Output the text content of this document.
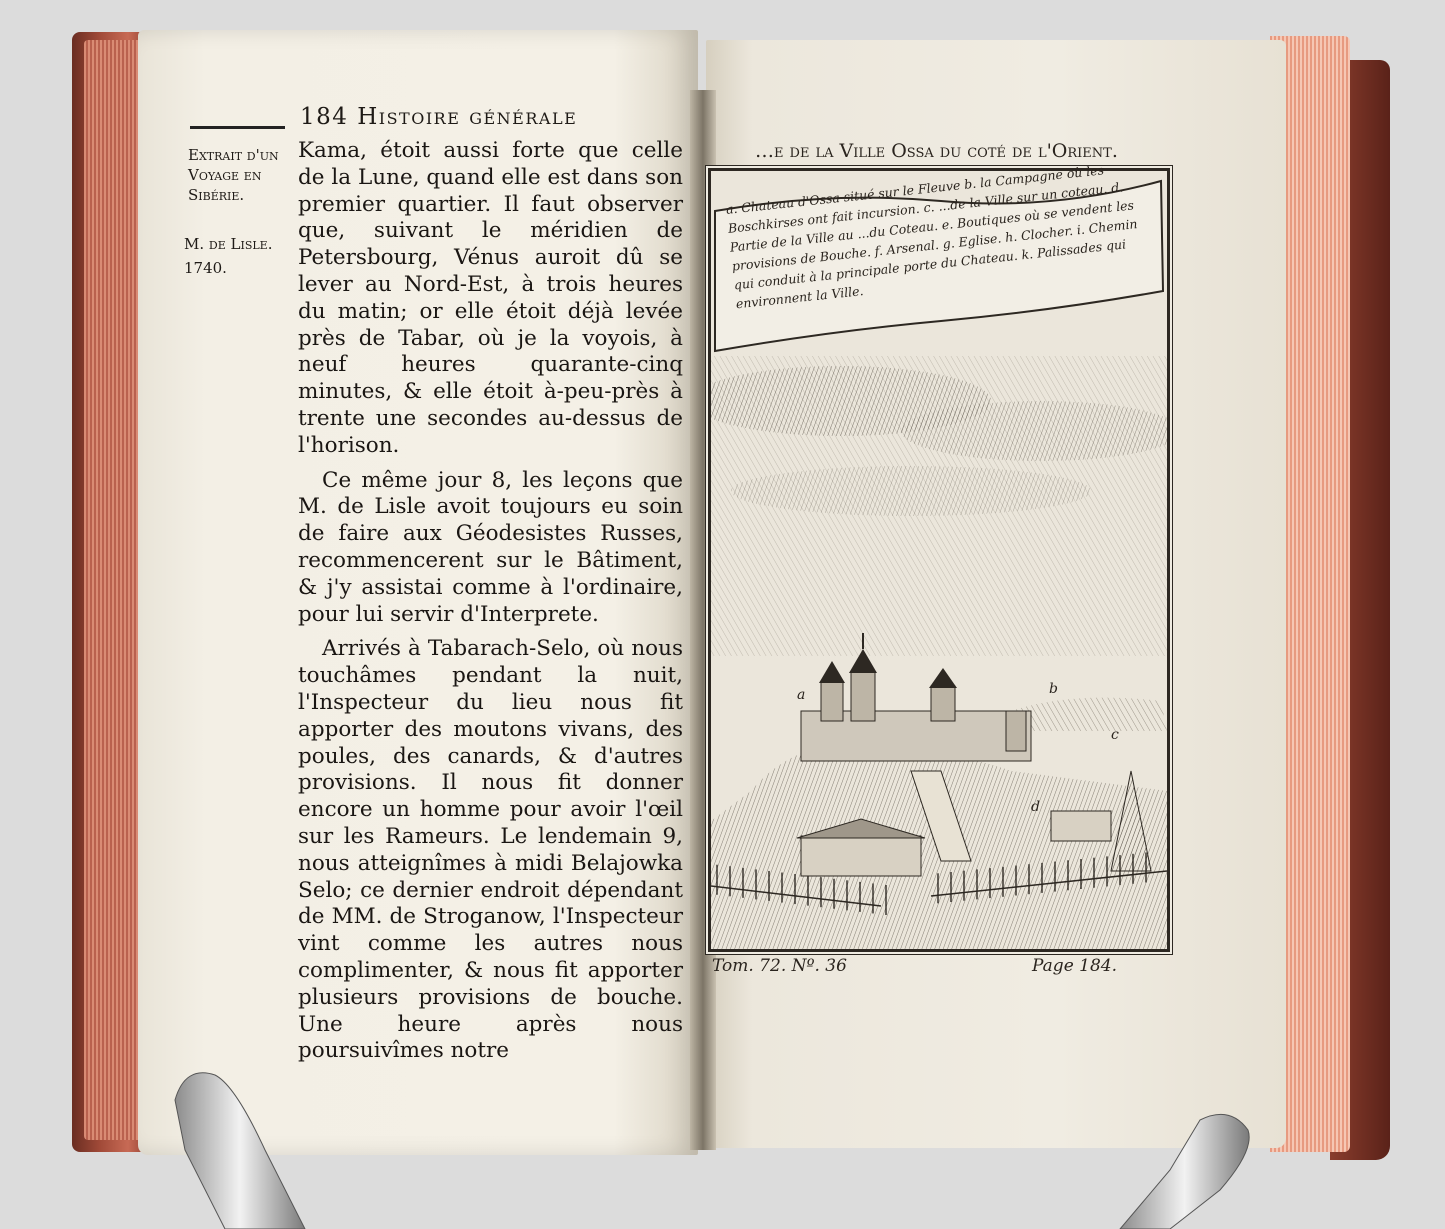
184 Histoire générale
Extrait d'un Voyage en Sibérie.
M. de Lisle.
1740.

Kama, étoit aussi forte que celle de la Lune, quand elle est dans son premier quartier. Il faut observer que, suivant le méridien de Petersbourg, Vénus auroit dû se lever au Nord-Est, à trois heures du matin; or elle étoit déjà levée près de Tabar, où je la voyois, à neuf heures quarante-cinq minutes, & elle étoit à-peu-près à trente une secondes au-dessus de l'horison.

Ce même jour 8, les leçons que M. de Lisle avoit toujours eu soin de faire aux Géodesistes Russes, recommencerent sur le Bâtiment, & j'y assistai comme à l'ordinaire, pour lui servir d'Interprete.

Arrivés à Tabarach-Selo, où nous touchâmes pendant la nuit, l'Inspecteur du lieu nous fit apporter des moutons vivans, des poules, des canards, & d'autres provisions. Il nous fit donner encore un homme pour avoir l'œil sur les Rameurs. Le lendemain 9, nous atteignîmes à midi Belajowka Selo; ce dernier endroit dépendant de MM. de Stroganow, l'Inspecteur vint comme les autres nous complimenter, & nous fit apporter plusieurs provisions de bouche. Une heure après nous poursuivîmes notre

…e de la Ville Ossa du coté de l'Orient.
a	b
c
d
a. Chateau d'Ossa situé sur le Fleuve b. la Campagne où les Boschkirses ont fait incursion. c. ...de la Ville sur un coteau. d. Partie de la Ville au ...du Coteau. e. Boutiques où se vendent les provisions de Bouche. f. Arsenal. g. Eglise. h. Clocher. i. Chemin qui conduit à la principale porte du Chateau. k. Palissades qui environnent la Ville.
Tom. 72. Nº. 36	Page 184.
